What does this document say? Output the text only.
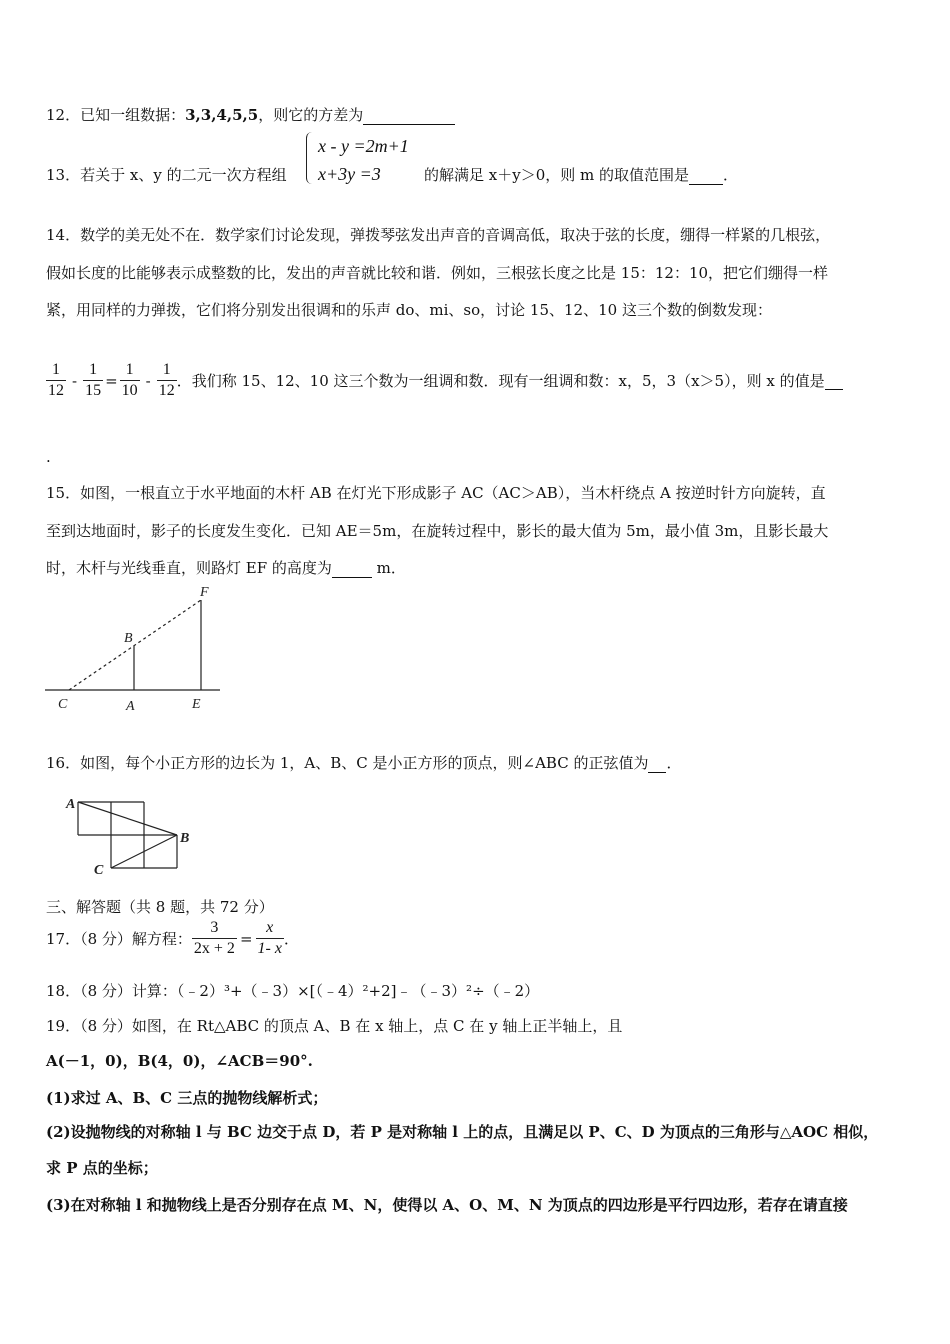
12．已知一组数据：3,3,4,5,5，则它的方差为
13．若关于 x、y 的二元一次方程组
x - y =2m+1
x+3y =3	的解满足 x＋y＞0，则 m 的取值范围是 ．
14．数学的美无处不在．数学家们讨论发现，弹拨琴弦发出声音的音调高低，取决于弦的长度，绷得一样紧的几根弦，
假如长度的比能够表示成整数的比，发出的声音就比较和谐．例如，三根弦长度之比是 15：12：10，把它们绷得一样
紧，用同样的力弹拨，它们将分别发出很调和的乐声 do、mi、so，讨论 15、12、10 这三个数的倒数发现：
$\frac{1}{12} - \frac{1}{15} = \frac{1}{10} - \frac{1}{12}$ ．我们称 15、12、10 这三个数为一组调和数．现有一组调和数：x，5，3（x＞5），则 x 的值是

.
15．如图，一根直立于水平地面的木杆 AB 在灯光下形成影子 AC（AC＞AB），当木杆绕点 A 按逆时针方向旋转，直
至到达地面时，影子的长度发生变化．已知 AE＝5m，在旋转过程中，影长的最大值为 5m，最小值 3m，且影长最大
时，木杆与光线垂直，则路灯 EF 的高度为	m．
F
B
C	A	E
16．如图，每个小正方形的边长为 1，A、B、C 是小正方形的顶点，则∠ABC 的正弦值为 ．
A
B
C
三、解答题（共 8 题，共 72 分）
17．（8 分）解方程： $\frac{3}{2x + 2} = \frac{x}{1- x}$ ．
18．（8 分）计算：（﹣2）³+（﹣3）×[（﹣4）²+2]﹣（﹣3）²÷（﹣2）
19．（8 分）如图，在 Rt△ABC 的顶点 A、B 在 x 轴上，点 C 在 y 轴上正半轴上，且
A(－1，0)，B(4，0)，∠ACB＝90°.
(1)求过 A、B、C 三点的抛物线解析式；
(2)设抛物线的对称轴 l 与 BC 边交于点 D，若 P 是对称轴 l 上的点，且满足以 P、C、D 为顶点的三角形与△AOC 相似，
求 P 点的坐标；
(3)在对称轴 l 和抛物线上是否分别存在点 M、N，使得以 A、O、M、N 为顶点的四边形是平行四边形，若存在请直接
